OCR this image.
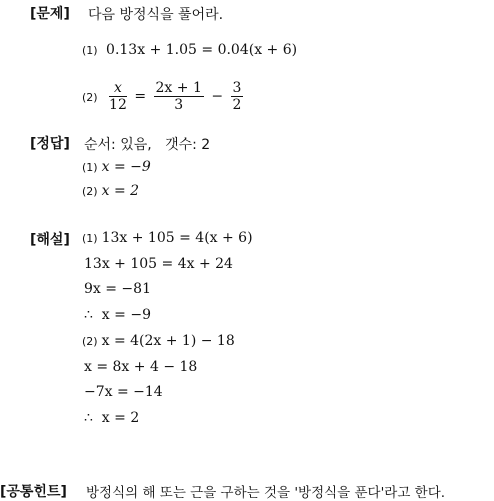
[문제] 다음 방정식을 풀어라.
(1) 0.13x + 1.05 = 0.04(x + 6)
$(2) \frac{x}{12} = \frac{2x + 1}{3} - \frac{3}{2}$
[정답] 순서: 있음,   갯수: 2
(1) x = −9
(2) x = 2
[해설] (1) 13x + 105 = 4(x + 6)
13x + 105 = 4x + 24
9x = −81
∴  x = −9
(2) x = 4(2x + 1) − 18
x = 8x + 4 − 18
−7x = −14
∴  x = 2
[공통힌트] 방정식의 해 또는 근을 구하는 것을 '방정식을 푼다'라고 한다.
